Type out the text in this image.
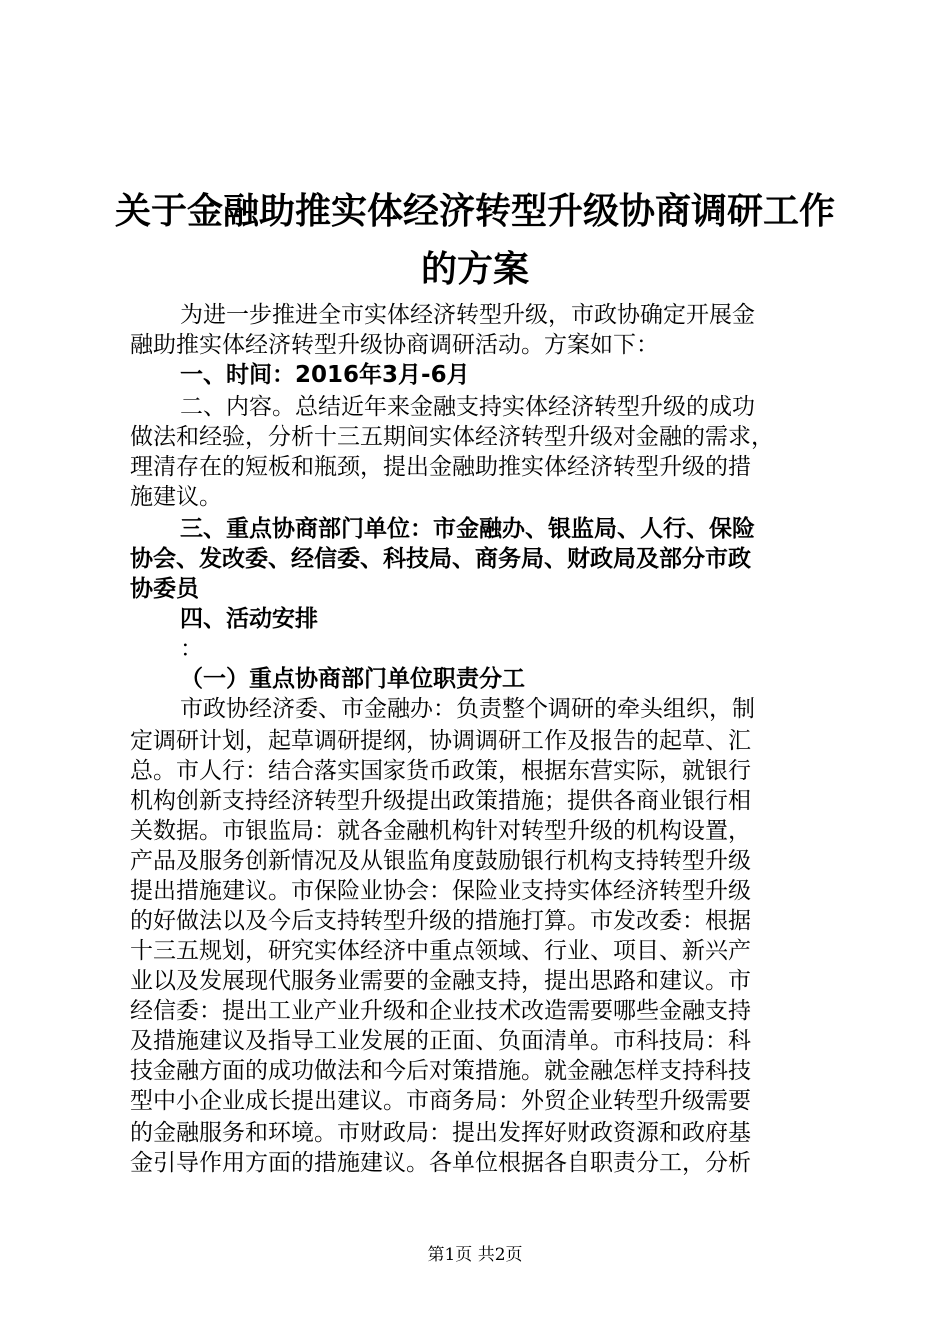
关于金融助推实体经济转型升级协商调研工作
的方案
为进一步推进全市实体经济转型升级，市政协确定开展金
融助推实体经济转型升级协商调研活动。方案如下：
一、时间：2016年3月-6月
二、内容。总结近年来金融支持实体经济转型升级的成功
做法和经验，分析十三五期间实体经济转型升级对金融的需求，
理清存在的短板和瓶颈，提出金融助推实体经济转型升级的措
施建议。
三、重点协商部门单位：市金融办、银监局、人行、保险
协会、发改委、经信委、科技局、商务局、财政局及部分市政
协委员
四、活动安排
：
（一）重点协商部门单位职责分工
市政协经济委、市金融办：负责整个调研的牵头组织，制
定调研计划，起草调研提纲，协调调研工作及报告的起草、汇
总。市人行：结合落实国家货币政策，根据东营实际，就银行
机构创新支持经济转型升级提出政策措施；提供各商业银行相
关数据。市银监局：就各金融机构针对转型升级的机构设置，
产品及服务创新情况及从银监角度鼓励银行机构支持转型升级
提出措施建议。市保险业协会：保险业支持实体经济转型升级
的好做法以及今后支持转型升级的措施打算。市发改委：根据
十三五规划，研究实体经济中重点领域、行业、项目、新兴产
业以及发展现代服务业需要的金融支持，提出思路和建议。市
经信委：提出工业产业升级和企业技术改造需要哪些金融支持
及措施建议及指导工业发展的正面、负面清单。市科技局：科
技金融方面的成功做法和今后对策措施。就金融怎样支持科技
型中小企业成长提出建议。市商务局：外贸企业转型升级需要
的金融服务和环境。市财政局：提出发挥好财政资源和政府基
金引导作用方面的措施建议。各单位根据各自职责分工，分析
第1页 共2页
